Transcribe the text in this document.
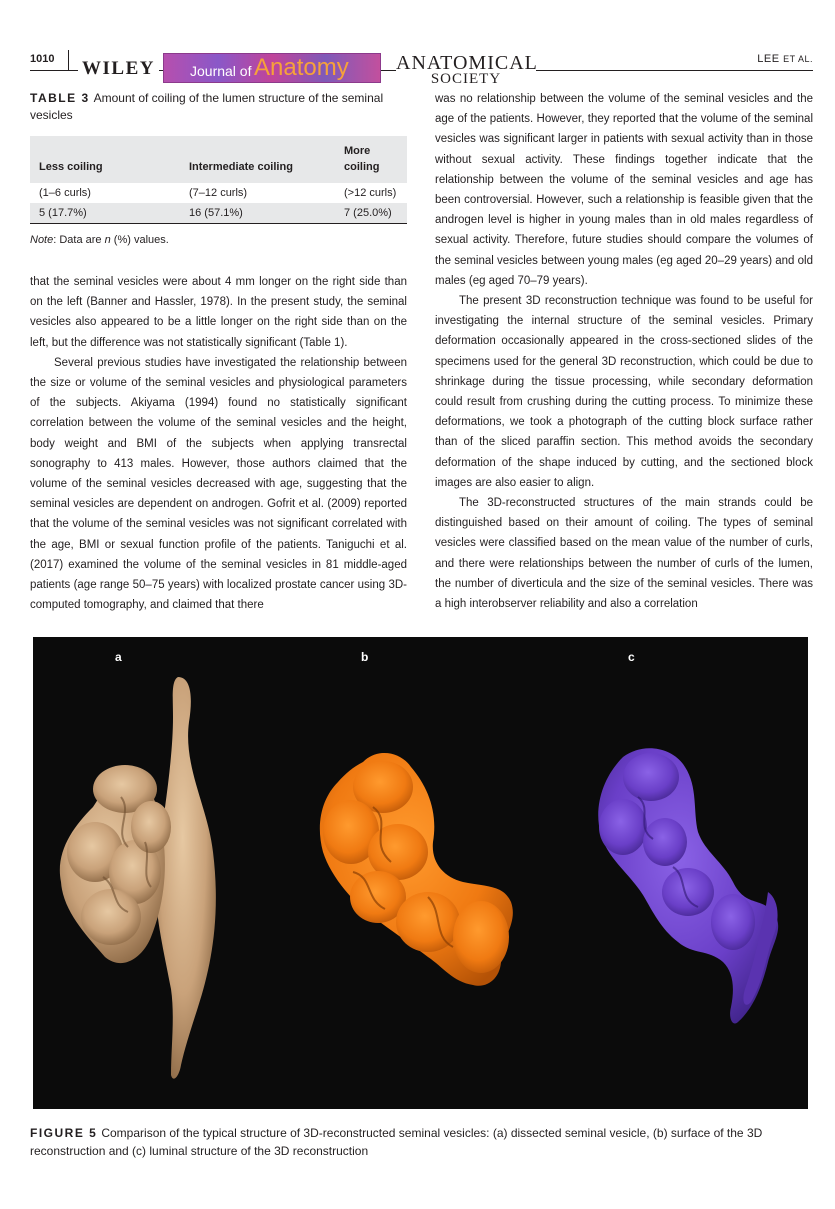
1010 WILEY	Journal of Anatomy ANATOMICAL
SOCIETY
LEE ET AL.
TABLE 3 Amount of coiling of the lumen structure of the seminal vesicles
Less coiling	Intermediate coiling	More coiling
(1–6 curls)	(7–12 curls)	(>12 curls)
5 (17.7%)	16 (57.1%)	7 (25.0%)
Note: Data are n (%) values.

that the seminal vesicles were about 4 mm longer on the right side than on the left (Banner and Hassler, 1978). In the present study, the seminal vesicles also appeared to be a little longer on the right side than on the left, but the difference was not statistically significant (Table 1).

Several previous studies have investigated the relationship between the size or volume of the seminal vesicles and physiological parameters of the subjects. Akiyama (1994) found no statistically significant correlation between the volume of the seminal vesicles and the height, body weight and BMI of the subjects when applying transrectal sonography to 413 males. However, those authors claimed that the volume of the seminal vesicles decreased with age, suggesting that the seminal vesicles are dependent on androgen. Gofrit et al. (2009) reported that the volume of the seminal vesicles was not significant correlated with the age, BMI or sexual function profile of the patients. Taniguchi et al. (2017) examined the volume of the seminal vesicles in 81 middle-aged patients (age range 50–75 years) with localized prostate cancer using 3D-computed tomography, and claimed that there

was no relationship between the volume of the seminal vesicles and the age of the patients. However, they reported that the volume of the seminal vesicles was significant larger in patients with sexual activity than in those without sexual activity. These findings together indicate that the relationship between the volume of the seminal vesicles and age has been controversial. However, such a relationship is feasible given that the androgen level is higher in young males than in old males regardless of sexual activity. Therefore, future studies should compare the volumes of the seminal vesicles between young males (eg aged 20–29 years) and old males (eg aged 70–79 years).

The present 3D reconstruction technique was found to be useful for investigating the internal structure of the seminal vesicles. Primary deformation occasionally appeared in the cross-sectioned slides of the specimens used for the general 3D reconstruction, which could be due to shrinkage during the tissue processing, while secondary deformation could result from crushing during the cutting process. To minimize these deformations, we took a photograph of the cutting block surface rather than of the sliced paraffin section. This method avoids the secondary deformation of the shape induced by cutting, and the sectioned block images are also easier to align.

The 3D-reconstructed structures of the main strands could be distinguished based on their amount of coiling. The types of seminal vesicles were classified based on the mean value of the number of curls, and there were relationships between the number of curls of the lumen, the number of diverticula and the size of the seminal vesicles. There was a high interobserver reliability and also a correlation

a	b	c
FIGURE 5 Comparison of the typical structure of 3D-reconstructed seminal vesicles: (a) dissected seminal vesicle, (b) surface of the 3D reconstruction and (c) luminal structure of the 3D reconstruction
